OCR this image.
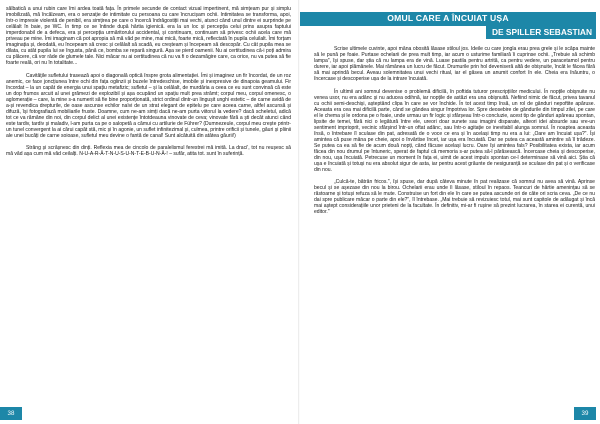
sălbatică a unui rubin care îmi ardea toată fața. În primele secunde de contact vizual impertinent, mă simțeam pur și simplu imobilizată, mă încălzeam, era o senzație de intimitate cu persoana cu care încrucișam ochii. Intimitatea se transforma, apoi, într-o impresie violentă de penibil, era simțirea pe care o încercă îndrăgostiții mai vechi, atunci când unul dintre ei surprinde pe celălalt în baie, pe WC. În timp ce se întinde după hârtia igienică. era la un loc și percepția celui prins asupra faptului imperdonabil de a defeca, era și percepția urmăritorului accidental, și continuam, continuam să privesc ochii acela care mă priveau pe mine. Îmi imaginam că pot apropia să mă văd pe mine, mai mică, foarte mică, reflectată în pupila celuilalt. Îmi forțam imaginația și, deodată, eu începeam să cresc și celălalt să scadă, eu creșteam și începeam să descopăr. Cu cât pupila mea se dilata, cu atât pupila lui se îngusta, până ce, bomba se repară singură. Așa se pierd oamenii. Nu ai certitudinea că-i poți admira cu plăcere, că vor râde de glumele tale. Nici măcar nu ai certitudinea că nu va fi o dezamăgire care, ca orice, nu va putea să fie foarte reală, ori nu în totalitate...

Cavitățile sufletului trasează apoi o diagonală optică înspre grota alimentației. Îmi și imaginez un fir încordat, de un roz anemic, ce face joncțiunea între ochi din fața oglinzii și buzele întredeschise, imobile și inexpresive de dinapoia geamului. Fir încordat – la un capăt de energia unui spațiu metafizic; sufletul – și la celălalt, de murdăria a ceea ce eu sunt convinsă că este un dop frumos arcuit al unei grămezi de explozibil și așa ocupând un spațiu mult prea strâmt; corpul meu, corpul omenesc, o aglomerație – care, la mine s-a numerit să fie bine proporționată, strict ordinul dintr-un lingușit unghi estetic – de carne avidă de a-și revendica drepturile, de oase ascunse echilor naïvi de un strat elegant de epitelu pe care aceea carne, altfel ascunsă și difuză, își fotografiază mobiliarile fruste. Doamne, cum ne-am simți dacă ne-am purta viitorul la vedere? dacă scheletul, adică tot ce va rămâne din noi, din corpul delict al unei existențe întotdeauna vinovate de ceva; vinovate fără a ști decât atunci când este tardiv, tardiv și maladiv, l-am purta ca pe o salopetă a cămui cu artilurie de Führer? (Dumnezeule, corpul meu crește printr-un tunel convergent la ai cărui capăt stă, mic și în agonie, un suflet infinitezimal și, culmea, printre orificii și tunele, găuri și pliinii ale unei bucăți de carne soioase, sufletul meu devine o fantă de canal! Sunt alcătuită din atâtea găurii!)

Strâng și scrâșnesc din dinți. Reflexia mea de cincolo de paralelismul ferestrei mă imită. La draci', tot nu reușesc să mă văd așa cum mă văd ceilalți. N-U-A-R-Ă-T-N-U-S-U-N-T-E-B-U-N-Ă-! – sufăr, atita tot. sunt în suferință.

38
OMUL CARE A ÎNCUIAT UȘA
DE SPILLER SEBASTIAN

Scrise ultimele cuvinte, apoi mâna obosită lăsase stiloul jos. Ideile cu care jongla erau prea grele și le scăpa mainte să le pună pe foaie. Purtase ochelarii de prea mult timp, iar acum o usturime familiară îi cuprinse ochii. „Trebuie să schimb lampa", își spuse, dar știa că nu lampa era de vină. Luasе pastila pentru artrită, ca pentru vedere, un paracetamol pentru durere, iar apoi plămânele. Mai rămânea un lucru de făcut. Drumurile prin hol deveniseră altă de obișnuite, încât le făcea fără să mai aprindă becul. Aveau solemnitatea unui vechi ritual, iar el găsea un anumit confort în ele. Cheia era înăuntru, o încercase și descoperise ușa de la intrare încuiată.

În ultimii ani somnul devenise o problemă dificilă, în poftida tuturor prescripțiilor medicului. În nopțile obișnuite nu venea usor, nu era adânc și nu aducea odihnă, iar nopțile de astăzi era una obișnuită. Nefiind nimic de făcut, privea tavanul cu ochii semi-deschiși, așteptând clipa în care se vor închide. În tot acest timp însă, un rol de gânduri nepoftite apăruse. Aceasta era cea mai dificilă parte, când se gândea singur împotriva lor. Spre deosebire de gândurile din timpul zilei, pe care el le chema și le ordona pe o foaie, unde urmau un fir logic și sfârșeau într-o concluzie, acest tip de gânduri apăreau spontan, lipsite de temei, fără nici o legătură între ele, ureori doar sunete sau imagini disparate, alteori idei absurde sau vre-un sentiment imprioprit, vecinic sfârșind într-un oftat adânc, sau într-o agitație ce inevitabil alunga somnul. În noaptea aceasta însă, o întrebare îl sculase din pat, adresată de o voce ce era și în același timp nu era a lui: „Oare am încuiat ușa?". Își amintea că puse mâna pe cheie, apoi o învârtise încet, iar ușa era încuiată. Dar se putea ca această amintire să îl trădeze. Se putea ca ea să fie de acum două nopți, când făcuse același lucru. Oare își amintea fals? Posibilitatea exista, iar acum făcea din nou drumul pe întuneric, sperat de faptul că memoria s-ar putea să-l părăsească. Încercase cheia și descoperise, din nou, ușa încuiată. Petrecuse un moment în fața ei, uimit de acest impuls spontan ce-l determinase să vină aici. Știa că ușa e încuiată și totuși nu era absolut sigur de asta, iar pentru acest grăunte de nesiguranță se sculase din pat și o verificase din nou.

„Culcă-te, bătrân fricos.", își spuse, dar după câteva minute în pat realizase că somnul nu avea să vină. Aprinse becul și se așezase din nou la birou. Ochelarii erau unde îi lăsase, stiloul în repaos. Teancuri de hârtie amenințau să se răstoarne și totuși refuza să le mute. Construise un fort din ele în care se putea ascunde ori de câte ori scria ceva. „De ce nu dai spre publicare măcar o parte din ele?", îl întrebase. „Mai trebuie să revizuiesc totul, mai sunt capitole de adăugat și încă mai aștept considerațiile unor prieteni de la facultate. În definitiv, mi-ar fi rușine să prezint lucrarea, în starea ei curentă, unui editor."

39
